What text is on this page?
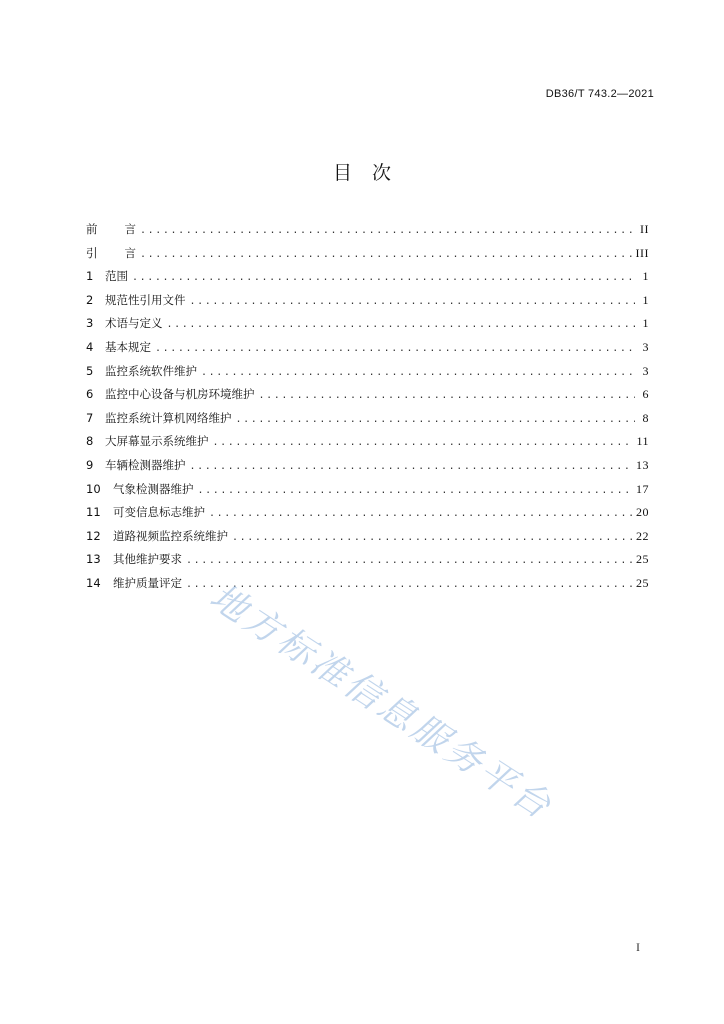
DB36/T 743.2—2021
目 次
前言 .....	II
引言 .....	III
1	范围 .....	1
2	规范性引用文件 .....	1
3	术语与定义 .....	1
4	基本规定 .....	3
5	监控系统软件维护 .....	3
6	监控中心设备与机房环境维护 .....	6
7	监控系统计算机网络维护 .....	8
8	大屏幕显示系统维护 .....	11
9	车辆检测器维护 .....	13
10	气象检测器维护 .....	17
11	可变信息标志维护 .....	20
12	道路视频监控系统维护 .....	22
13	其他维护要求 .....	25
14	维护质量评定 .....	25
地方标准信息服务平台
I
